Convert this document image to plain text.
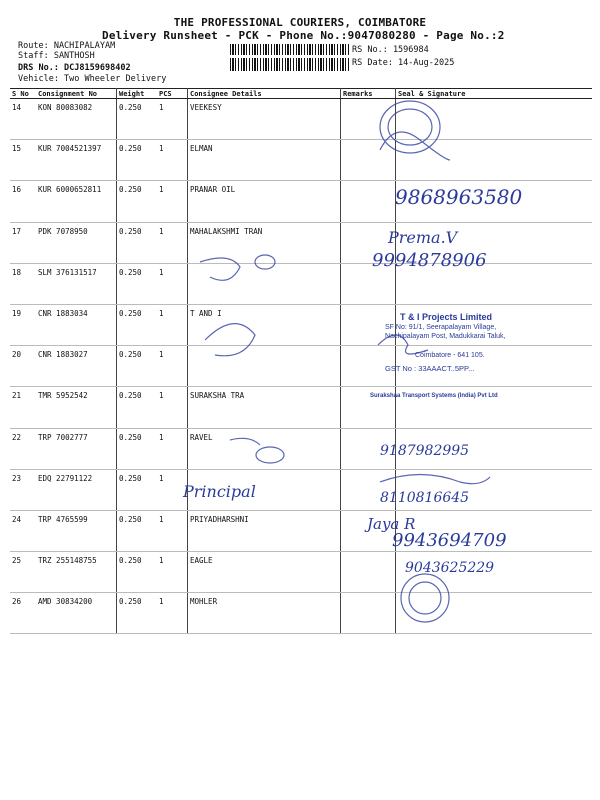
THE PROFESSIONAL COURIERS, COIMBATORE
Delivery Runsheet - PCK - Phone No.:9047080280 - Page No.:2
Route: NACHIPALAYAM
Staff: SANTHOSH
DRS No.: DCJ8159698402
Vehicle: Two Wheeler Delivery
RS No.: 1596984
RS Date: 14-Aug-2025
S No	Consignment No	Weight	PCS	Consignee Details	Remarks	Seal & Signature
14	KON 80083082	0.250	1	VEEKESY		
15	KUR 7004521397	0.250	1	ELMAN		
16	KUR 6000652811	0.250	1	PRANAR OIL		
17	PDK 7078950	0.250	1	MAHALAKSHMI TRAN		
18	SLM 376131517	0.250	1			
19	CNR 1883034	0.250	1	T AND I		
20	CNR 1883027	0.250	1			
21	TMR 5952542	0.250	1	SURAKSHA TRA		
22	TRP 7002777	0.250	1	RAVEL		
23	EDQ 22791122	0.250	1			
24	TRP 4765599	0.250	1	PRIYADHARSHNI		
25	TRZ 255148755	0.250	1	EAGLE		
26	AMD 30834200	0.250	1	MOHLER		
9868963580
Prema.V
9994878906
T & I Projects Limited
SF No: 91/1, Seerapalayam Village,
Nachipalayam Post, Madukkarai Taluk,
Coimbatore - 641 105.
GST No : 33AAACT..5PP...
Surakshaa Transport Systems (India) Pvt Ltd
9187982995
Principal	8110816645
Jaya R
9943694709
9043625229
